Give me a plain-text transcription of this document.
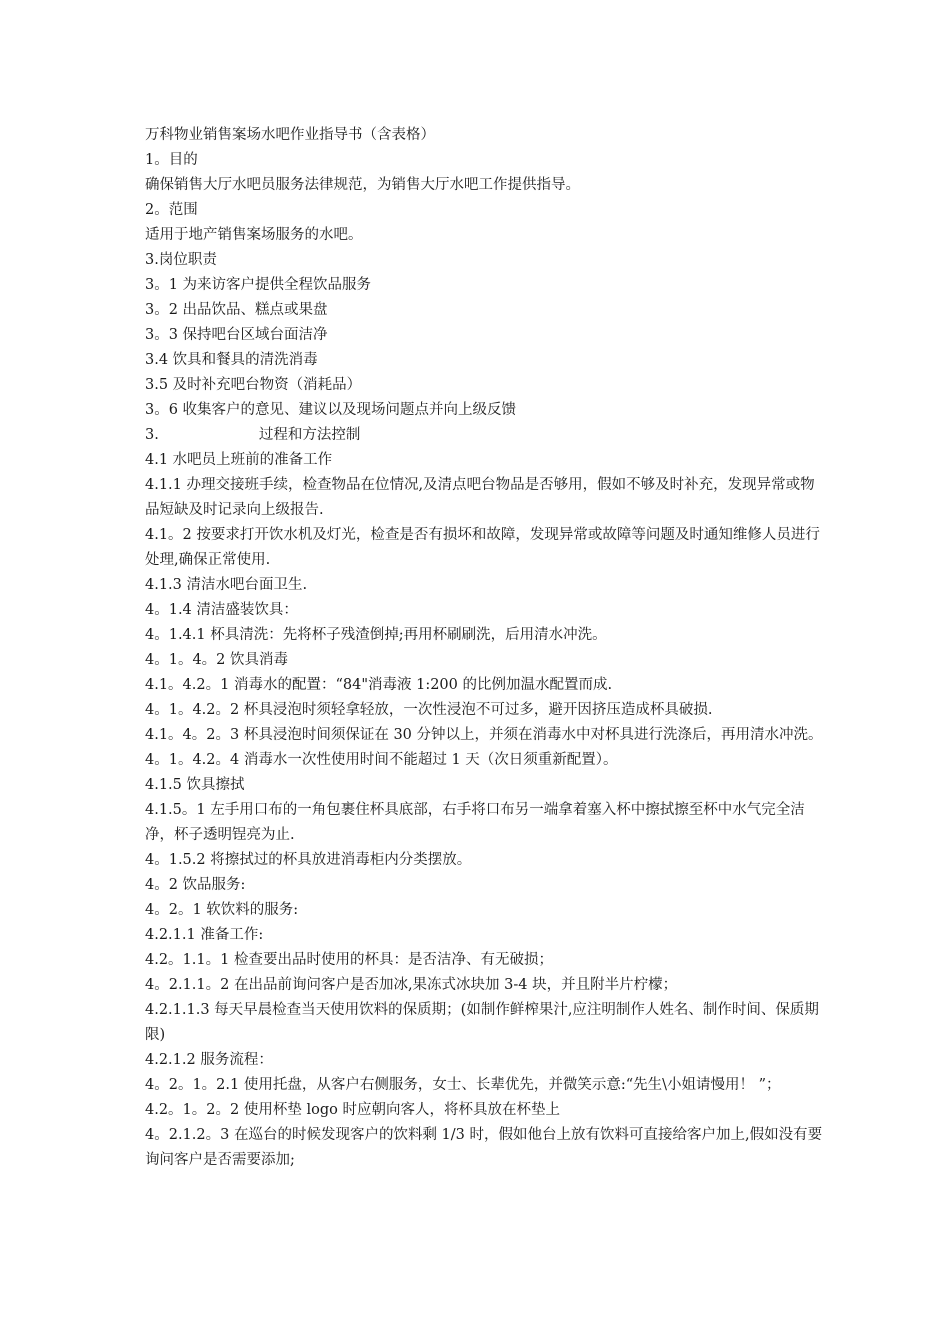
万科物业销售案场水吧作业指导书（含表格）

1。目的

确保销售大厅水吧员服务法律规范，为销售大厅水吧工作提供指导。

2。范围

适用于地产销售案场服务的水吧。

3.岗位职责

3。1 为来访客户提供全程饮品服务

3。2 出品饮品、糕点或果盘

3。3 保持吧台区域台面洁净

3.4 饮具和餐具的清洗消毒

3.5 及时补充吧台物资（消耗品）

3。6 收集客户的意见、建议以及现场问题点并向上级反馈

3.	过程和方法控制

4.1 水吧员上班前的准备工作

4.1.1 办理交接班手续，检查物品在位情况,及清点吧台物品是否够用，假如不够及时补充，发现异常或物品短缺及时记录向上级报告.

4.1。2 按要求打开饮水机及灯光，检查是否有损坏和故障，发现异常或故障等问题及时通知维修人员进行处理,确保正常使用.

4.1.3 清洁水吧台面卫生.

4。1.4 清洁盛装饮具：

4。1.4.1 杯具清洗：先将杯子残渣倒掉;再用杯刷刷洗，后用清水冲洗。

4。1。4。2 饮具消毒

4.1。4.2。1 消毒水的配置：“84"消毒液 1:200 的比例加温水配置而成.

4。1。4.2。2 杯具浸泡时须轻拿轻放，一次性浸泡不可过多，避开因挤压造成杯具破损.

4.1。4。2。3 杯具浸泡时间须保证在 30 分钟以上，并须在消毒水中对杯具进行洗涤后，再用清水冲洗。

4。1。4.2。4 消毒水一次性使用时间不能超过 1 天（次日须重新配置）。

4.1.5 饮具擦拭

4.1.5。1 左手用口布的一角包裹住杯具底部，右手将口布另一端拿着塞入杯中擦拭擦至杯中水气完全洁净，杯子透明锃亮为止.

4。1.5.2 将擦拭过的杯具放进消毒柜内分类摆放。

4。2 饮品服务:

4。2。1 软饮料的服务:

4.2.1.1 准备工作:

4.2。1.1。1 检查要出品时使用的杯具：是否洁净、有无破损；

4。2.1.1。2 在出品前询问客户是否加冰,果冻式冰块加 3-4 块，并且附半片柠檬；

4.2.1.1.3 每天早晨检查当天使用饮料的保质期；(如制作鲜榨果汁,应注明制作人姓名、制作时间、保质期限)

4.2.1.2 服务流程：

4。2。1。2.1 使用托盘，从客户右侧服务，女士、长辈优先，并微笑示意:“先生\小姐请慢用！ ”；

4.2。1。2。2 使用杯垫 logo 时应朝向客人，将杯具放在杯垫上

4。2.1.2。3 在巡台的时候发现客户的饮料剩 1/3 时，假如他台上放有饮料可直接给客户加上,假如没有要询问客户是否需要添加;
